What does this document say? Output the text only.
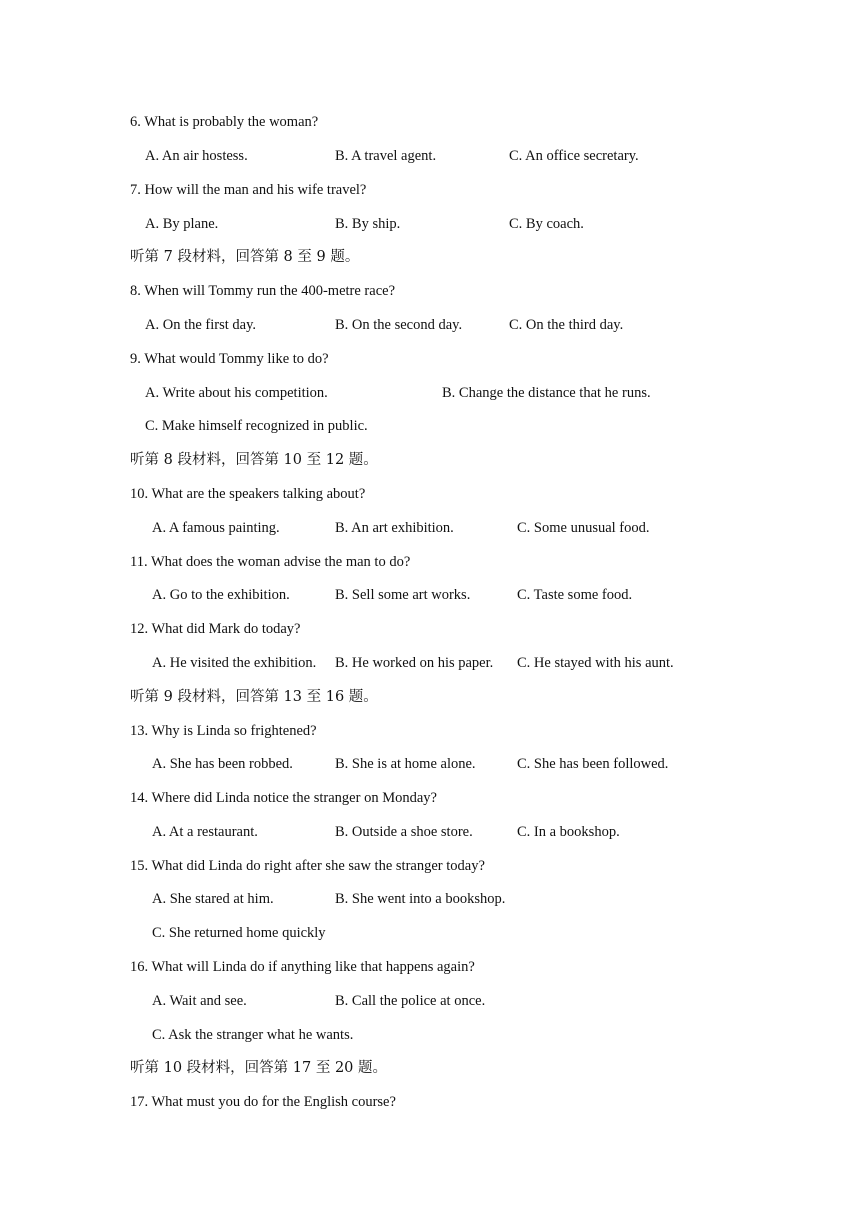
6. What is probably the woman?
A. An air hostess.	B. A travel agent.	C. An office secretary.
7. How will the man and his wife travel?
A. By plane.	B. By ship.	C. By coach.
听第 7 段材料，回答第 8 至 9 题。
8. When will Tommy run the 400-metre race?
A. On the first day.	B. On the second day.	C. On the third day.
9. What would Tommy like to do?
A. Write about his competition.	B. Change the distance that he runs.
C. Make himself recognized in public.
听第 8 段材料，回答第 10 至 12 题。
10. What are the speakers talking about?
A. A famous painting.	B. An art exhibition.	C. Some unusual food.
11. What does the woman advise the man to do?
A. Go to the exhibition.	B. Sell some art works.	C. Taste some food.
12. What did Mark do today?
A. He visited the exhibition. B. He worked on his paper. C. He stayed with his aunt.
听第 9 段材料，回答第 13 至 16 题。
13. Why is Linda so frightened?
A. She has been robbed.	B. She is at home alone.	C. She has been followed.
14. Where did Linda notice the stranger on Monday?
A. At a restaurant.	B. Outside a shoe store.	C. In a bookshop.
15. What did Linda do right after she saw the stranger today?
A. She stared at him.	B. She went into a bookshop.
C. She returned home quickly
16. What will Linda do if anything like that happens again?
A. Wait and see.	B. Call the police at once.
C. Ask the stranger what he wants.
听第 10 段材料，回答第 17 至 20 题。
17. What must you do for the English course?
